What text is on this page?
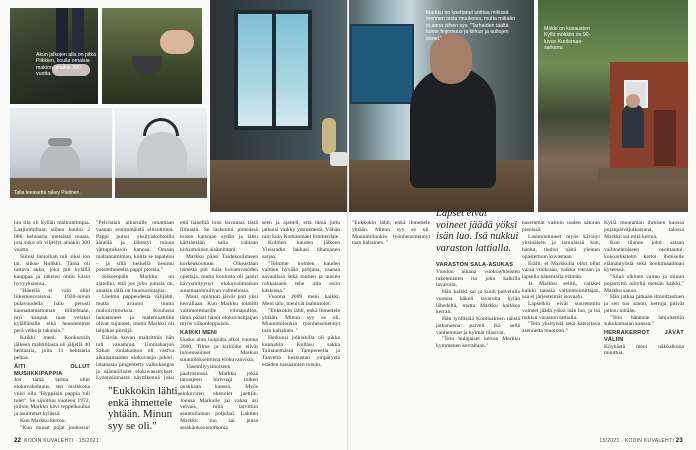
Akun jalkojen alla on pitkä Pilkkien, koulla omaisia makion ainakin 300 vuotta.
Talla teeasetta rakey Pietinen.
Markku on koettanut soittaa mikissä mennen tasta muulessa, mutta mikään ei anna siihen syv. "Tarhaiden täältä tunne feijomuus ja kirkun ja aultojen äänet."
Mökki on kuvausten Kyllä mökkiin on 90-luvun Kuolemas-sarkanu.

lon tila oli kyllän maltrantimpia. Laajimmillaan siihen kuului 2 000 hehtaaria metsästä maata, jota suku oli viljellyt ainakin 300 vuotta.

Siitosi läntoihan tuli siksi ion tai, siikse Huhkki. Tämä oli tuttava akku, joka piti kylällä kauppaa ja rakensi omin käsin hyvyyksiensa.

"Hänellä ei vain ollut liikemiesvaistoa. 1930-luvun pulavuodella häin perusti kannattamattoman tiilitehtaan, myi kaupan taan velaksi kylälläisille eikä henniemmat perä velkoja takaisin."

Kaikki meni. Konkurssin jälkeen mahtitilasta oli jäljellä 40 hehtaaria, joita 11 hehtaaria peltoa.

ÄITI OLLUT MUSIIKKIPAPPIA

Jos tämä tarina ollut elokuvakohtaus, sen otsikkona voisi olla "Hyppäsin pappia tuli tulet". Se sijoittuu vuoteen 1972, jolloin Markku kävi teppelkoulua ja asuimmat kylässä.

Kun Markku kertoo:

"Kun muuat pojat joukossa!

"Pelvistain alitaruille omamaan vaanan ennimmäistä elitsoltitani. Pappi puhui yksityiskohtoilla äänellä ja lähestyi minua vättuptukavin kannsa. Omaan maltantamiman, koitta se tapahtuu – ja sillä hetkellä tiesinni poistettuneella pappi piereia."

Siikeenpäin Markku on ajatellut, että jos joku jumala on, ainakin tällä on huumorintajua.

Uselma pappeudesta välijähti, mutta avautui mutta muhoivitmuksia. Koulussa hukaanneet ja matemaattiika olivat sujuneet, mutta Markku oli lahjakas piirtäjä.

Elävän kuvan maltritmin hän tuli vanamnut. Ummaharjun Sahan roolakainoa oli vasfva aikaisantaiden elokuvanjo jokori, lahanasta pingentetty valkokangas ja säännöllisiet elokuvaesitykset. Lyzonsiinnasta näyttikennä joku

"Eukkokin lähti,
enkä ihmettele
yhtään. Minun
syy se oli."

että hänelltä loisi kuvautas tästä filmasin. Se laskeutui pimeässä toisen katsojan sydän ja läksi kärttämään salia vahtaan kirkumoinen sisämitanni.

Markku päasi Taidekoulimeen korkeakouluun. Oikeastaan hänestä piti tulla kuvamvatöden opettaja, mutta koulusta oli jaanri kävysmityynyt elokuvailmaisun suunnaammulivan valmehosia.

Mauz opinnoit jäivät pon yksi kerrallaan. Kun Markku toimitti valtimotestarille viimapullon, tämä päästi hänet elokuvaohjaijan myös viikonloppuisin.

KAIKKI MENI

Uusko alun huipulta alkoi vuonna 2000. Tilme ja kirilöike elivät lumouisunnet Markun suunnitokselmista elokuvanvista.

Vasemllyysmoiseen paafrostossa Markku jokiä tarustjeen hirivuaji toiken ouskkaan kanssa. Myös elokuviren ohenolet jaettiin. Joensa Markulle jai vahaa asi velvais, mitä tarvittiin asuntoilainan poljulari. Lahtien Markku tuu sai jensa sesskänkoonnotkonia

seen ja ajatteli, että tämä juttu jatkuisi vaikky ymmenestä. Vähän niin kuin Kurkanmäet Emmerdale.

Kolmen kauden jälkeen Yleisradio lakkasi lihamanen sarjaa.

"Teimme kolmen kauden valmen hyvään pohjana, vaanaa aavautissa sekä tontien ja uusien rohkaisuen rehe olin esiin kaskossa."

Vuonna 2009 meni kaikki. Meni talo, menivät laahtutolot.

"Eukkokin lähti, enkä ihmettele yhtään. Minun syy se oli. Muunimilonkin työnhensmennyt taan kaltainen. "

Hetkuosi julkiakilla oli pikka kunnatiin Kultasu sakka Tainaanmässä Tampereella ja Taavetin keskustan ympärystä eräiden tussaamien toisiin.

Lapset eivät
voineet jäädä yöksi
isän luo. Isä nukkui
varaston lattialla.

"Eukkokin lähti, enkä ihmettele yhtään. Minun syy se oli. Muunimilonkin työnhensmennyt taan kaltainen. "

VARASTON SALA-ASUKAS

Vuodon aikana vuokrayhteisten rakennusten iso joku kaikilla tavaroita.

Hän kaikki sai ja kuuli palvelulla vuonna häkeli tavaroita kylän lähedeltä, mutta Markku kaikkea kerran.

Hän työllistää Kontisalmen näistä jatkuneena palveli ikä sellä vanhemmat ja kylmät tilasivat.

"Tein hulajaiset kertoa Markku kymmenen kerrallaan."

nasemmat vastoin uuden satoran pienissä.

Lasimuutuneet myös kävinyt yksinäisen ja tarunäissä kun, hanka, tiedon näitä yleinen opastettuun kuvastaan.

Erälli, et Markkulla ollut ollut varaa vuokraan, vaikka vieraan ja lapsella hänentalla elämän.

Ja Markku selitti, vaikkei kaikki tanssia valtiontoimittajan, saa ei järjestelmät isovaatu.

Lapsetkin eivät suuremmin voineet jäädä yöksi isän luo, ja isä nukkui varaston lattialla.

"Tein yksityistä sekä katsottava asennetta muotoon."

Kyllä muutaman ihmisen kanssa pojanpäiväjulkaisuna, talossa Markku sai mitä kertoa.

Kun tilanne johti sataan vaihtoehtoiseen osoittautui, kokoarkkitehti kertoi ihmiselle elämäntyöstä sekä henkimaailman kyseessä.

"Siinä olkinen vaimo ja minun pojantyttö niityllä metsän kaikki," Markku sanoo.

Hän jatkaa pitkään ilmoittautuen ja sen tuo sanon, kertoja pitivät jatkuu mitään.

"Tein hänenne lahjoitettiin sukukamaran kanssa."

HERRAKERROT JÄVÄT VÄLIIN

Köyhästä meni näköalkuna muuttua.

22 KODIN KUVALEHTI · 15/2021	15/2021 · KODIN KUVALEHTI 23
